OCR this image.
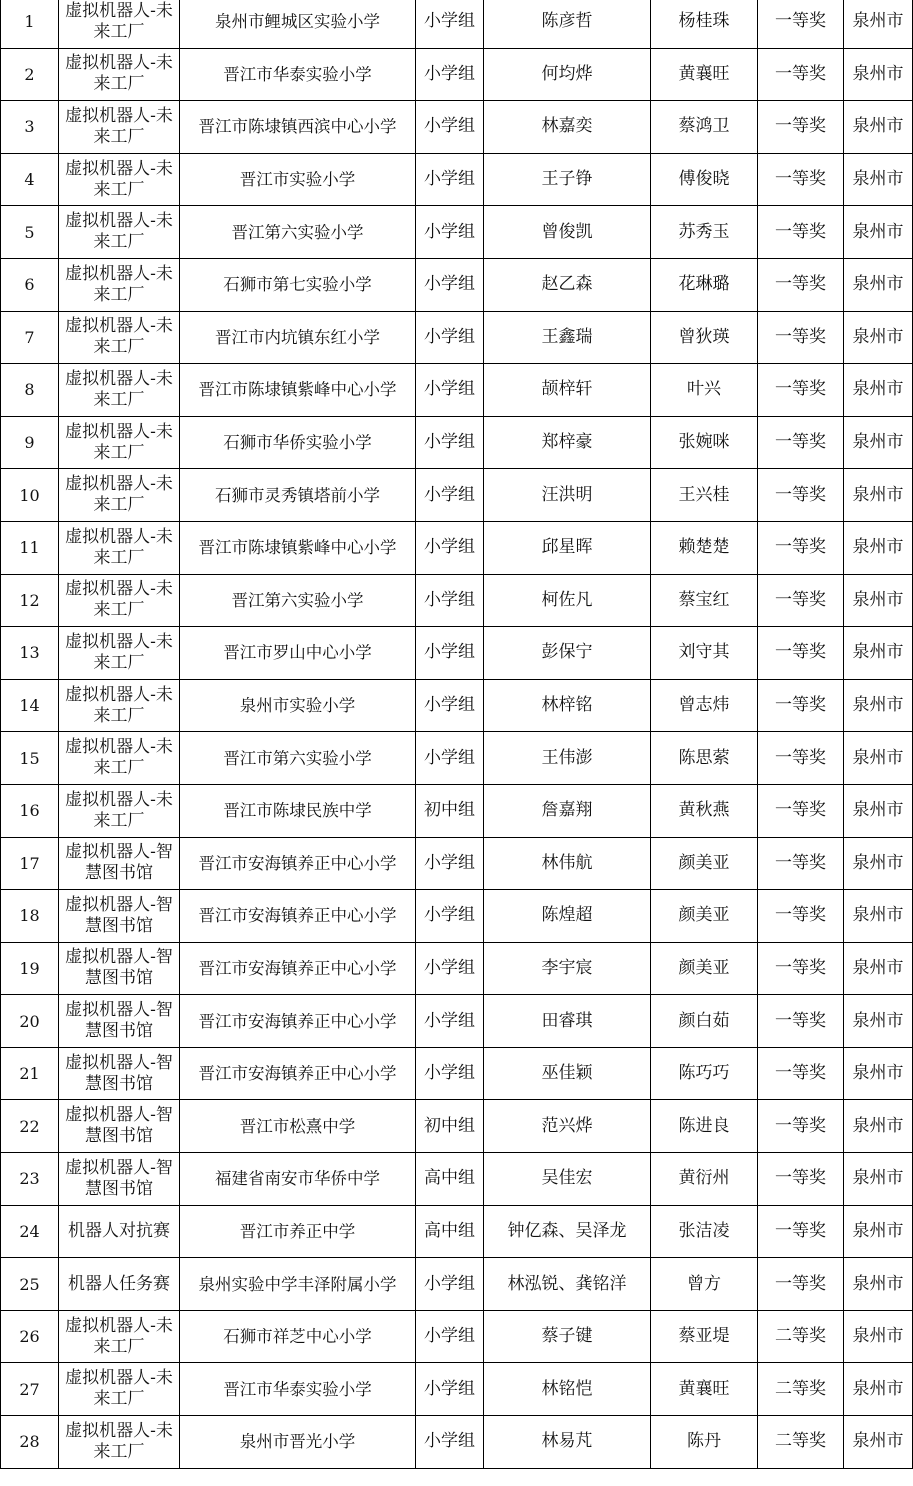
1	虚拟机器人-未来工厂	泉州市鲤城区实验小学	小学组	陈彦哲	杨桂珠	一等奖	泉州市
2	虚拟机器人-未来工厂	晋江市华泰实验小学	小学组	何均烨	黄襄旺	一等奖	泉州市
3	虚拟机器人-未来工厂	晋江市陈埭镇西滨中心小学	小学组	林嘉奕	蔡鸿卫	一等奖	泉州市
4	虚拟机器人-未来工厂	晋江市实验小学	小学组	王子铮	傅俊晓	一等奖	泉州市
5	虚拟机器人-未来工厂	晋江第六实验小学	小学组	曾俊凯	苏秀玉	一等奖	泉州市
6	虚拟机器人-未来工厂	石狮市第七实验小学	小学组	赵乙森	花琳璐	一等奖	泉州市
7	虚拟机器人-未来工厂	晋江市内坑镇东红小学	小学组	王鑫瑞	曾狄瑛	一等奖	泉州市
8	虚拟机器人-未来工厂	晋江市陈埭镇紫峰中心小学	小学组	颉梓轩	叶兴	一等奖	泉州市
9	虚拟机器人-未来工厂	石狮市华侨实验小学	小学组	郑梓豪	张婉咪	一等奖	泉州市
10	虚拟机器人-未来工厂	石狮市灵秀镇塔前小学	小学组	汪洪明	王兴桂	一等奖	泉州市
11	虚拟机器人-未来工厂	晋江市陈埭镇紫峰中心小学	小学组	邱星晖	赖楚楚	一等奖	泉州市
12	虚拟机器人-未来工厂	晋江第六实验小学	小学组	柯佐凡	蔡宝红	一等奖	泉州市
13	虚拟机器人-未来工厂	晋江市罗山中心小学	小学组	彭保宁	刘守其	一等奖	泉州市
14	虚拟机器人-未来工厂	泉州市实验小学	小学组	林梓铭	曾志炜	一等奖	泉州市
15	虚拟机器人-未来工厂	晋江市第六实验小学	小学组	王伟澎	陈思萦	一等奖	泉州市
16	虚拟机器人-未来工厂	晋江市陈埭民族中学	初中组	詹嘉翔	黄秋燕	一等奖	泉州市
17	虚拟机器人-智慧图书馆	晋江市安海镇养正中心小学	小学组	林伟航	颜美亚	一等奖	泉州市
18	虚拟机器人-智慧图书馆	晋江市安海镇养正中心小学	小学组	陈煌超	颜美亚	一等奖	泉州市
19	虚拟机器人-智慧图书馆	晋江市安海镇养正中心小学	小学组	李宇宸	颜美亚	一等奖	泉州市
20	虚拟机器人-智慧图书馆	晋江市安海镇养正中心小学	小学组	田睿琪	颜白茹	一等奖	泉州市
21	虚拟机器人-智慧图书馆	晋江市安海镇养正中心小学	小学组	巫佳颖	陈巧巧	一等奖	泉州市
22	虚拟机器人-智慧图书馆	晋江市松熹中学	初中组	范兴烨	陈进良	一等奖	泉州市
23	虚拟机器人-智慧图书馆	福建省南安市华侨中学	高中组	吴佳宏	黄衍州	一等奖	泉州市
24	机器人对抗赛	晋江市养正中学	高中组	钟亿森、吴泽龙	张洁凌	一等奖	泉州市
25	机器人任务赛	泉州实验中学丰泽附属小学	小学组	林泓锐、龚铭洋	曾方	一等奖	泉州市
26	虚拟机器人-未来工厂	石狮市祥芝中心小学	小学组	蔡子键	蔡亚堤	二等奖	泉州市
27	虚拟机器人-未来工厂	晋江市华泰实验小学	小学组	林铭恺	黄襄旺	二等奖	泉州市
28	虚拟机器人-未来工厂	泉州市晋光小学	小学组	林易芃	陈丹	二等奖	泉州市
